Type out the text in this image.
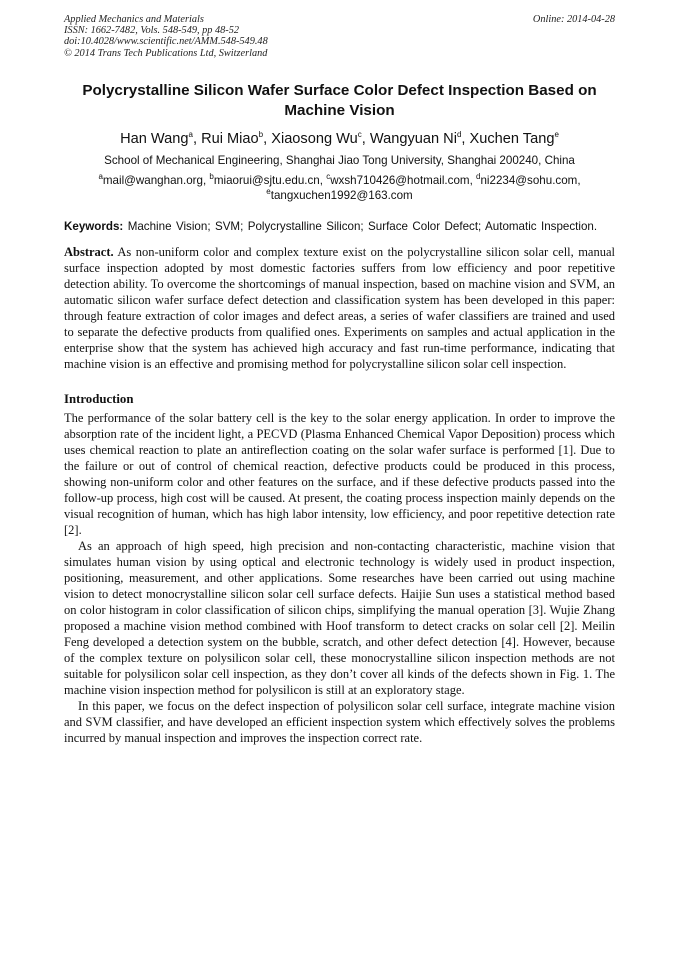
Applied Mechanics and Materials
ISSN: 1662-7482, Vols. 548-549, pp 48-52
doi:10.4028/www.scientific.net/AMM.548-549.48
© 2014 Trans Tech Publications Ltd, Switzerland
Online: 2014-04-28
Polycrystalline Silicon Wafer Surface Color Defect Inspection Based on Machine Vision
Han Wang$^a$, Rui Miao$^b$, Xiaosong Wu$^c$, Wangyuan Ni$^d$, Xuchen Tang$^e$
School of Mechanical Engineering, Shanghai Jiao Tong University, Shanghai 200240, China
$^a$mail@wanghan.org, $^b$miaorui@sjtu.edu.cn, $^c$wxsh710426@hotmail.com, $^d$ni2234@sohu.com,
$^e$tangxuchen1992@163.com
Keywords: Machine Vision; SVM; Polycrystalline Silicon; Surface Color Defect; Automatic Inspection.
Abstract. As non-uniform color and complex texture exist on the polycrystalline silicon solar cell, manual surface inspection adopted by most domestic factories suffers from low efficiency and poor repetitive detection ability. To overcome the shortcomings of manual inspection, based on machine vision and SVM, an automatic silicon wafer surface defect detection and classification system has been developed in this paper: through feature extraction of color images and defect areas, a series of wafer classifiers are trained and used to separate the defective products from qualified ones. Experiments on samples and actual application in the enterprise show that the system has achieved high accuracy and fast run-time performance, indicating that machine vision is an effective and promising method for polycrystalline silicon solar cell inspection.
Introduction

The performance of the solar battery cell is the key to the solar energy application. In order to improve the absorption rate of the incident light, a PECVD (Plasma Enhanced Chemical Vapor Deposition) process which uses chemical reaction to plate an antireflection coating on the solar wafer surface is performed [1]. Due to the failure or out of control of chemical reaction, defective products could be produced in this process, showing non-uniform color and other features on the surface, and if these defective products passed into the follow-up process, high cost will be caused. At present, the coating process inspection mainly depends on the visual recognition of human, which has high labor intensity, low efficiency, and poor repetitive detection rate [2].

As an approach of high speed, high precision and non-contacting characteristic, machine vision that simulates human vision by using optical and electronic technology is widely used in product inspection, positioning, measurement, and other applications. Some researches have been carried out using machine vision to detect monocrystalline silicon solar cell surface defects. Haijie Sun uses a statistical method based on color histogram in color classification of silicon chips, simplifying the manual operation [3]. Wujie Zhang proposed a machine vision method combined with Hoof transform to detect cracks on solar cell [2]. Meilin Feng developed a detection system on the bubble, scratch, and other defect detection [4]. However, because of the complex texture on polysilicon solar cell, these monocrystalline silicon inspection methods are not suitable for polysilicon solar cell inspection, as they don’t cover all kinds of the defects shown in Fig. 1. The machine vision inspection method for polysilicon is still at an exploratory stage.

In this paper, we focus on the defect inspection of polysilicon solar cell surface, integrate machine vision and SVM classifier, and have developed an efficient inspection system which effectively solves the problems incurred by manual inspection and improves the inspection correct rate.
